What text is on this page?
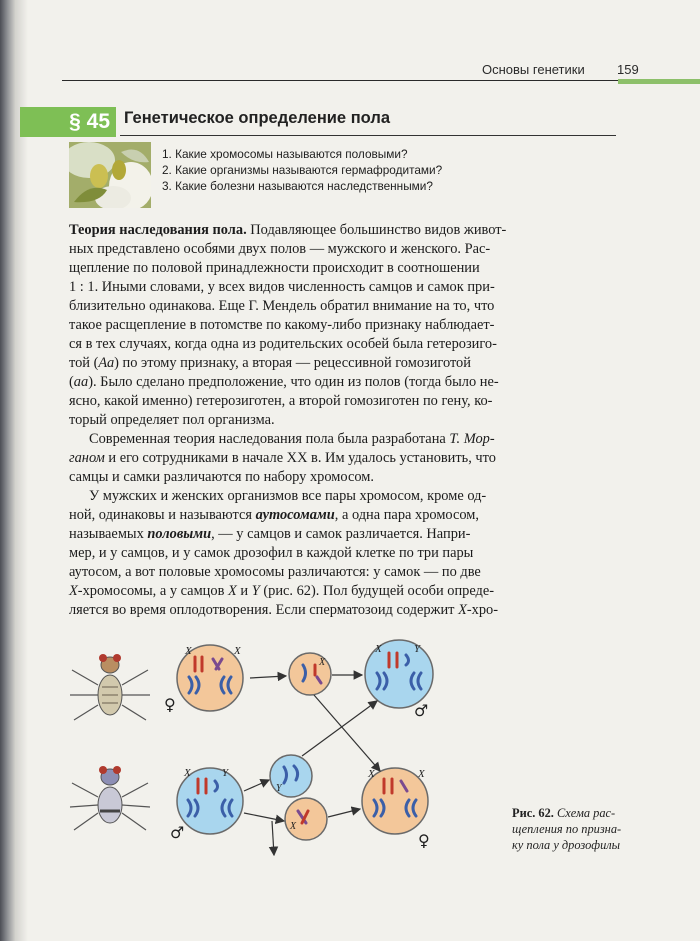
Основы генетики 159
§ 45 Генетическое определение пола
1. Какие хромосомы называются половыми?
2. Какие организмы называются гермафродитами?
3. Какие болезни называются наследственными?
Теория наследования пола. Подавляющее большинство видов живот-
ных представлено особями двух полов — мужского и женского. Рас-
щепление по половой принадлежности происходит в соотношении
1 : 1. Иными словами, у всех видов численность самцов и самок при-
близительно одинакова. Еще Г. Мендель обратил внимание на то, что
такое расщепление в потомстве по какому-либо признаку наблюдает-
ся в тех случаях, когда одна из родительских особей была гетерозиго-
той (Аа) по этому признаку, а вторая — рецессивной гомозиготой
(аа). Было сделано предположение, что один из полов (тогда было не-
ясно, какой именно) гетерозиготен, а второй гомозиготен по гену, ко-
торый определяет пол организма.
Современная теория наследования пола была разработана Т. Мор-
ганом и его сотрудниками в начале XX в. Им удалось установить, что
самцы и самки различаются по набору хромосом.
У мужских и женских организмов все пары хромосом, кроме од-
ной, одинаковы и называются аутосомами, а одна пара хромосом,
называемых половыми, — у самцов и самок различается. Напри-
мер, и у самцов, и у самок дрозофил в каждой клетке по три пары
аутосом, а вот половые хромосомы различаются: у самок — по две
X-хромосомы, а у самцов X и Y (рис. 62). Пол будущей особи опреде-
ляется во время оплодотворения. Если сперматозоид содержит X-хро-
X	X
X
X	Y
X	Y
Y
X
X	X
♀	♂
♂	♀
Рис. 62. Схема рас-
щепления по призна-
ку пола у дрозофилы
